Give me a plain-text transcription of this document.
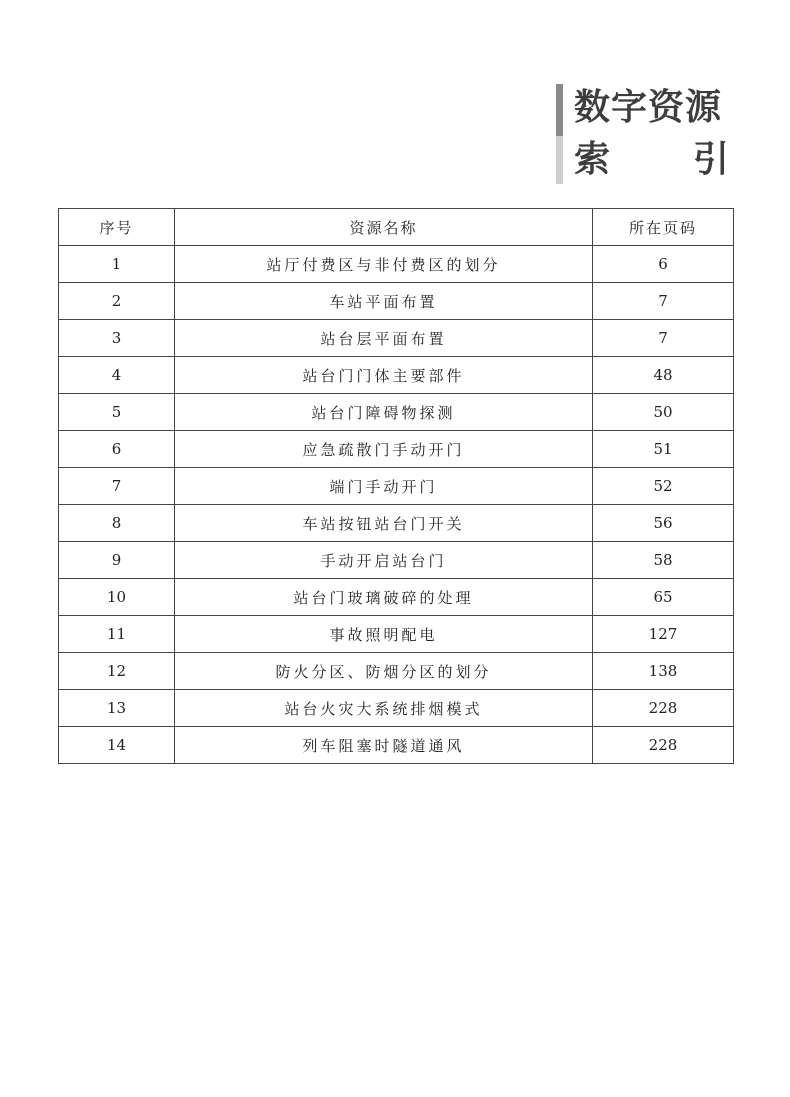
数字资源
索 引
序号	资源名称	所在页码
1	站厅付费区与非付费区的划分	6
2	车站平面布置	7
3	站台层平面布置	7
4	站台门门体主要部件	48
5	站台门障碍物探测	50
6	应急疏散门手动开门	51
7	端门手动开门	52
8	车站按钮站台门开关	56
9	手动开启站台门	58
10	站台门玻璃破碎的处理	65
11	事故照明配电	127
12	防火分区、防烟分区的划分	138
13	站台火灾大系统排烟模式	228
14	列车阻塞时隧道通风	228
